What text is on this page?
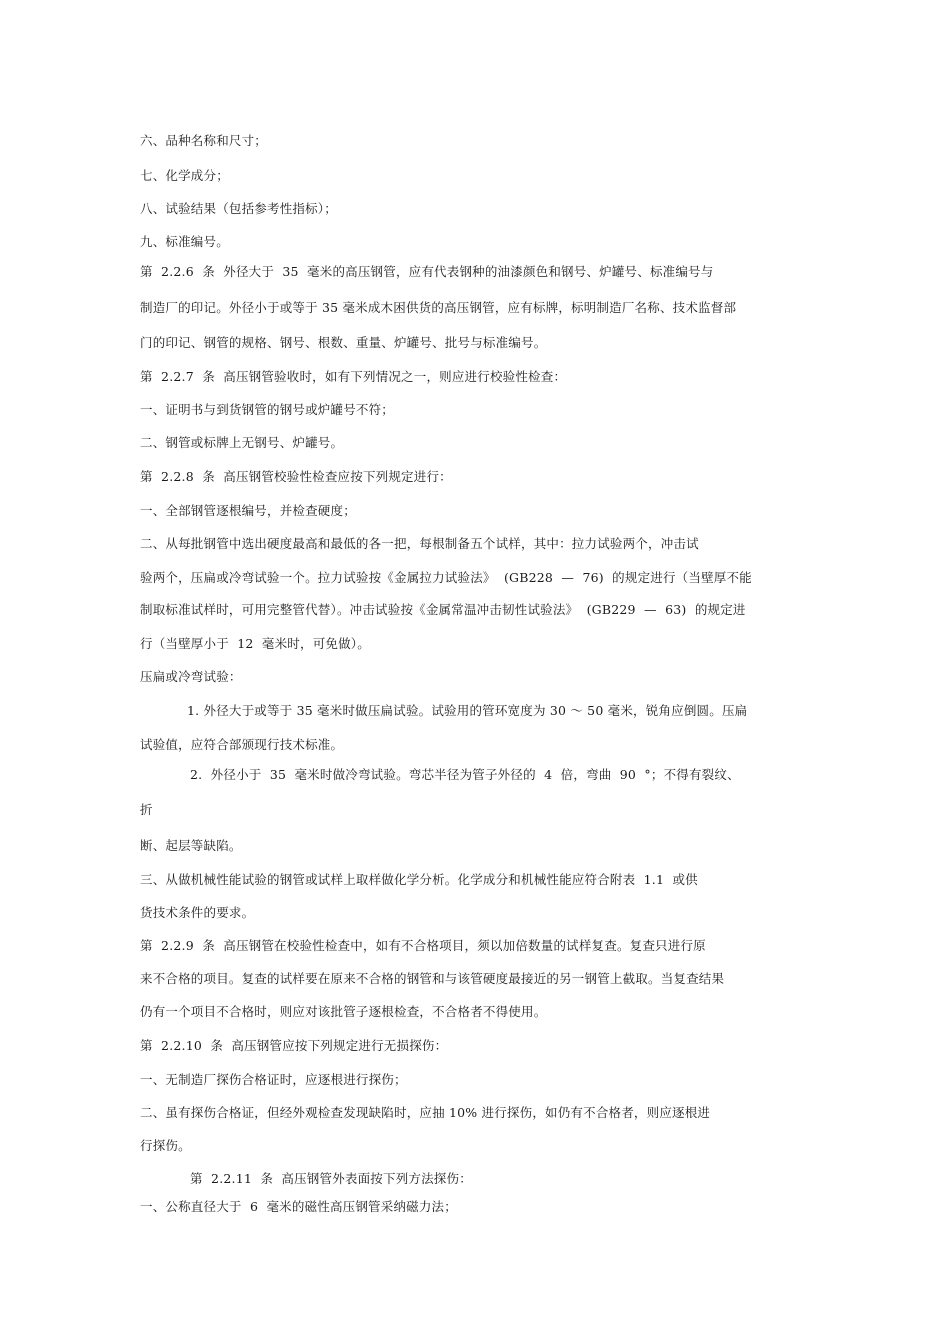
六、品种名称和尺寸；
七、化学成分；
八、试验结果（包括参考性指标）；
九、标准编号。
第  2.2.6  条  外径大于  35  毫米的高压钢管，应有代表钢种的油漆颜色和钢号、炉罐号、标准编号与
制造厂的印记。外径小于或等于 35 毫米成木困供货的高压钢管，应有标牌，标明制造厂名称、技术监督部
门的印记、钢管的规格、钢号、根数、重量、炉罐号、批号与标准编号。
第  2.2.7  条  高压钢管验收时，如有下列情况之一，则应进行校验性检查：
一、证明书与到货钢管的钢号或炉罐号不符；
二、钢管或标牌上无钢号、炉罐号。
第  2.2.8  条  高压钢管校验性检查应按下列规定进行：
一、全部钢管逐根编号，并检查硬度；
二、从每批钢管中选出硬度最高和最低的各一把，每根制备五个试样，其中：拉力试验两个，冲击试
验两个，压扁或冷弯试验一个。拉力试验按《金属拉力试验法》  (GB228  —  76)  的规定进行（当壁厚不能
制取标准试样时，可用完整管代替）。冲击试验按《金属常温冲击韧性试验法》  (GB229  —  63)  的规定进
行（当壁厚小于  12  毫米时，可免做）。
压扁或冷弯试验：
1. 外径大于或等于 35 毫米时做压扁试验。试验用的管环宽度为 30 ～ 50 毫米，锐角应倒圆。压扁
试验值，应符合部颁现行技术标准。
2.  外径小于  35  毫米时做冷弯试验。弯芯半径为管子外径的  4  倍，弯曲  90  °；不得有裂纹、
折
断、起层等缺陷。
三、从做机械性能试验的钢管或试样上取样做化学分析。化学成分和机械性能应符合附表  1.1  或供
货技术条件的要求。
第  2.2.9  条  高压钢管在校验性检查中，如有不合格项目，须以加倍数量的试样复查。复查只进行原
来不合格的项目。复查的试样要在原来不合格的钢管和与该管硬度最接近的另一钢管上截取。当复查结果
仍有一个项目不合格时，则应对该批管子逐根检查，不合格者不得使用。
第  2.2.10  条  高压钢管应按下列规定进行无损探伤：
一、无制造厂探伤合格证时，应逐根进行探伤；
二、虽有探伤合格证，但经外观检查发现缺陷时，应抽 10% 进行探伤，如仍有不合格者，则应逐根进
行探伤。
第  2.2.11  条  高压钢管外表面按下列方法探伤：
一、公称直径大于  6  毫米的磁性高压钢管采纳磁力法；
